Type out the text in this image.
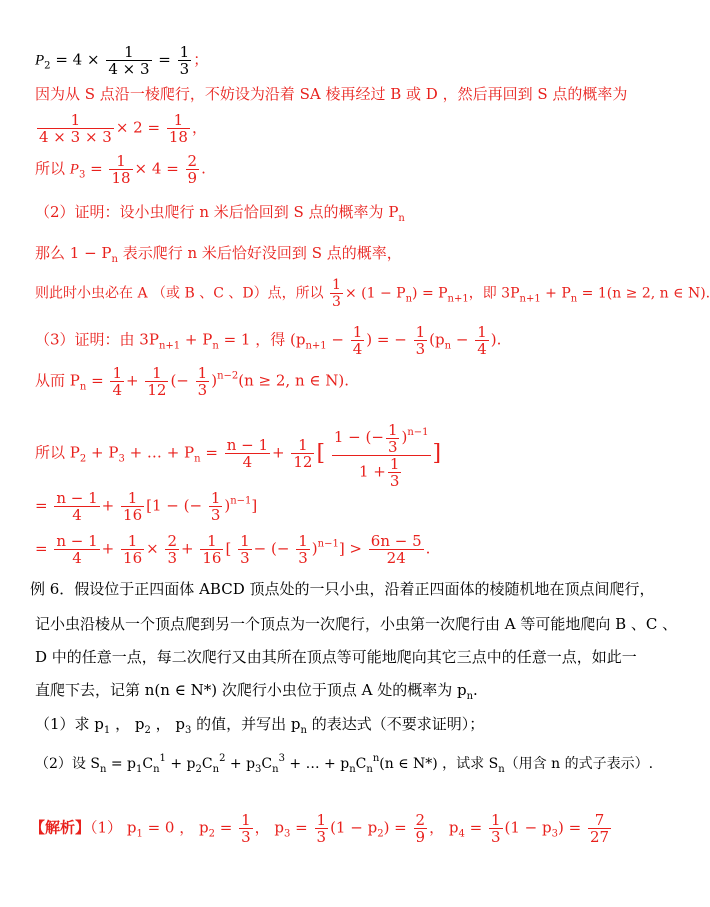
$P_2 = 4 \times \frac{1}{4 \times 3} = \frac{1}{3}$ ；
因为从 S 点沿一棱爬行，不妨设为沿着 SA 棱再经过 B 或 D ，然后再回到 S 点的概率为
$\frac{1}{4 \times 3 \times 3} \times 2 = \frac{1}{18}$ ，
所以 $P_3 = \frac{1}{18} \times 4 = \frac{2}{9}$ .
（2）证明：设小虫爬行 n 米后恰回到 S 点的概率为 $P_n$
那么 $1 - P_n$ 表示爬行 n 米后恰好没回到 S 点的概率，
则此时小虫必在 A （或 B 、C 、D）点，所以 $\frac{1}{3} \times (1 - P_n) = P_{n+1}$，即 $3P_{n+1} + P_n = 1(n \ge 2$, n ∈ N).
（3）证明：由 $3P_{n+1} + P_n = 1$ ，得 ($p_{n+1} - \frac{1}{4}$ ) = − $\frac{1}{3} (p_n - \frac{1}{4}$ ).
从而 $P_n = \frac{1}{4} + \frac{1}{12}$ (− $\frac{1}{3} )^{n-2}(n \ge 2$, n ∈ N).
所以 $P_2 + P_3$ + … + $P_n = \frac{n - 1}{4} + \frac{1}{12}$ [ $\frac{1 - (- \frac{1}{3} )^{n-1}}{1 + \frac{1}{3}}$ ]
= $\frac{n - 1}{4} + \frac{1}{16} [1$ − (− $\frac{1}{3} )^{n-1}$]
= $\frac{n - 1}{4} + \frac{1}{16} \times \frac{2}{3} + \frac{1}{16}$ [ $\frac{1}{3}$ − (− $\frac{1}{3} )^{n-1}] > \frac{6n - 5}{24}$ .
例 6．假设位于正四面体 ABCD 顶点处的一只小虫，沿着正四面体的棱随机地在顶点间爬行，
记小虫沿棱从一个顶点爬到另一个顶点为一次爬行，小虫第一次爬行由 A 等可能地爬向 B 、C 、
D 中的任意一点，每二次爬行又由其所在顶点等可能地爬向其它三点中的任意一点，如此一
直爬下去，记第 n(n ∈ N*) 次爬行小虫位于顶点 A 处的概率为 $p_n$.
（1）求 $p_1$ ， $p_2$ ， $p_3$ 的值，并写出 $p_n$ 的表达式（不要求证明）；
（2）设 $S_n = p_1C_n^1 + p_2C_n^2 + p_3C_n^3$ + … + $p_nC_n^n(n$ ∈ N*) ，试求 $S_n$（用含 n 的式子表示）.
【解析】（1） $p_1 = 0$ ， $p_2 = \frac{1}{3}$ ， $p_3 = \frac{1}{3} (1 - p_2) = \frac{2}{9}$ ， $p_4 = \frac{1}{3} (1 - p_3) = \frac{7}{27}$
